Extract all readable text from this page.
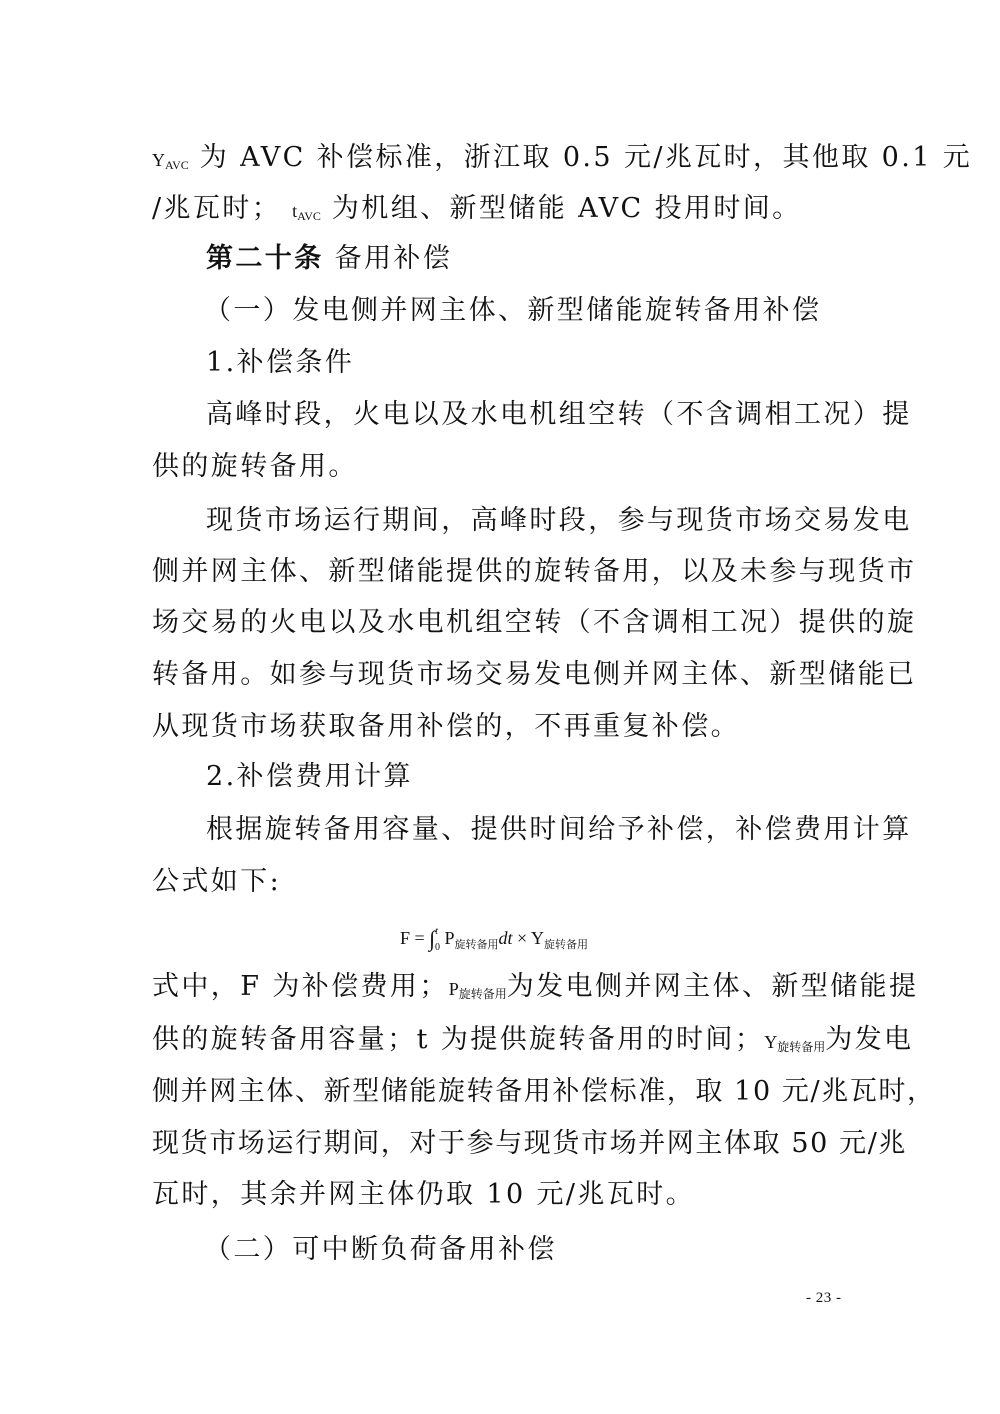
$Y_{AVC}$ 为 AVC 补偿标准，浙江取 0.5 元/兆瓦时，其他取 0.1 元
/兆瓦时； $t_{AVC}$ 为机组、新型储能 AVC 投用时间。
第二十条 备用补偿
（一）发电侧并网主体、新型储能旋转备用补偿
1.补偿条件
高峰时段，火电以及水电机组空转（不含调相工况）提
供的旋转备用。
现货市场运行期间，高峰时段，参与现货市场交易发电
侧并网主体、新型储能提供的旋转备用，以及未参与现货市
场交易的火电以及水电机组空转（不含调相工况）提供的旋
转备用。如参与现货市场交易发电侧并网主体、新型储能已
从现货市场获取备用补偿的，不再重复补偿。
2.补偿费用计算
根据旋转备用容量、提供时间给予补偿，补偿费用计算
公式如下:
F = ∫$^t_0$ $P_{旋转备用}dt \times Y_{旋转备用}$
式中，F 为补偿费用；$P_{旋转备用}$为发电侧并网主体、新型储能提
供的旋转备用容量；t 为提供旋转备用的时间；$Y_{旋转备用}$为发电
侧并网主体、新型储能旋转备用补偿标准，取 10 元/兆瓦时，
现货市场运行期间，对于参与现货市场并网主体取 50 元/兆
瓦时，其余并网主体仍取 10 元/兆瓦时。
（二）可中断负荷备用补偿
- 23 -
